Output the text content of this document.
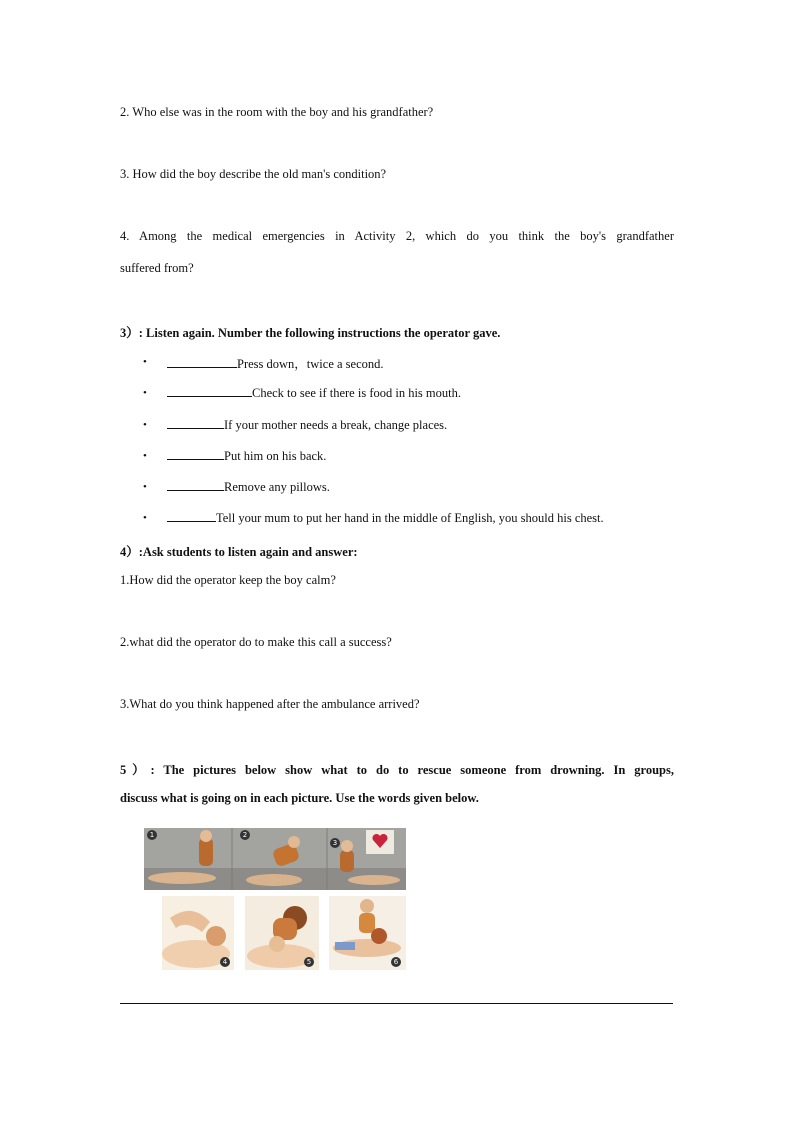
2. Who else was in the room with the boy and his grandfather?
3. How did the boy describe the old man's condition?
4. Among the medical emergencies in Activity 2, which do you think the boy's grandfather
suffered from?
3）: Listen again. Number the following instructions the operator gave.
•	Press down，twice a second.
•	Check to see if there is food in his mouth.
•	If your mother needs a break, change places.
•	Put him on his back.
•	Remove any pillows.
•	Tell your mum to put her hand in the middle of English, you should his chest.
4）:Ask students to listen again and answer:
1.How did the operator keep the boy calm?
2.what did the operator do to make this call a success?
3.What do you think happened after the ambulance arrived?
5）: The pictures below show what to do to rescue someone from drowning. In groups,
discuss what is going on in each picture. Use the words given below.
1	2
3
4	5	6
